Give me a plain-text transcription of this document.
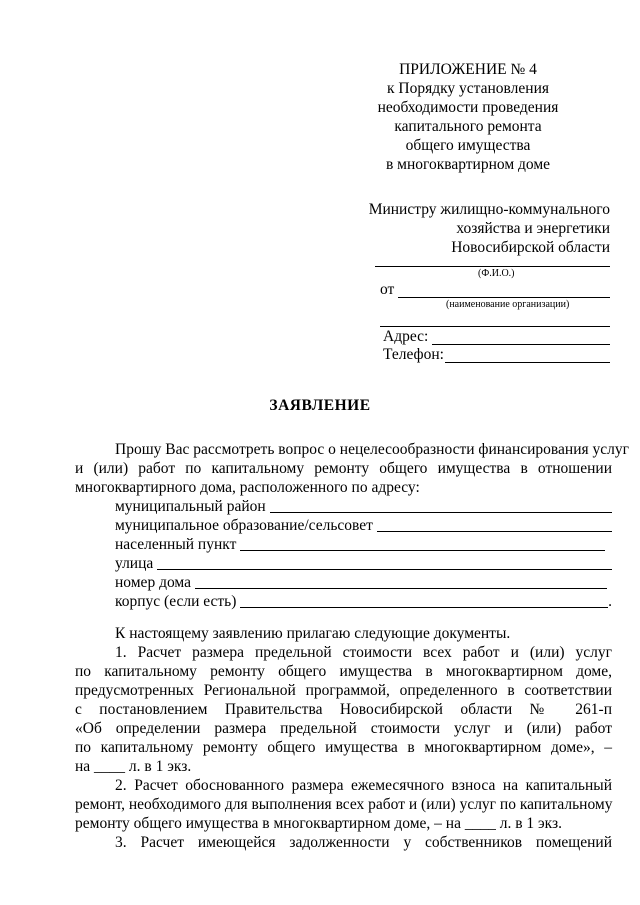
ПРИЛОЖЕНИЕ № 4
к Порядку установления
необходимости проведения
капитального ремонта
общего имущества
в многоквартирном доме
Министру жилищно-коммунального
хозяйства и энергетики
Новосибирской области
(Ф.И.О.)
от
(наименование организации)
Адрес:
Телефон:
ЗАЯВЛЕНИЕ
Прошу Вас рассмотреть вопрос о нецелесообразности финансирования услуг
и (или) работ по капитальному ремонту общего имущества в отношении
многоквартирного дома, расположенного по адресу:
муниципальный район
муниципальное образование/сельсовет
населенный пункт
улица
номер дома
корпус (если есть)	.
К настоящему заявлению прилагаю следующие документы.
1. Расчет размера предельной стоимости всех работ и (или) услуг
по капитальному ремонту общего имущества в многоквартирном доме,
предусмотренных Региональной программой, определенного в соответствии
с постановлением Правительства Новосибирской области № 261-п
«Об определении размера предельной стоимости услуг и (или) работ
по капитальному ремонту общего имущества в многоквартирном доме», –
на ____ л. в 1 экз.
2. Расчет обоснованного размера ежемесячного взноса на капитальный
ремонт, необходимого для выполнения всех работ и (или) услуг по капитальному
ремонту общего имущества в многоквартирном доме, – на ____ л. в 1 экз.
3. Расчет имеющейся задолженности у собственников помещений
